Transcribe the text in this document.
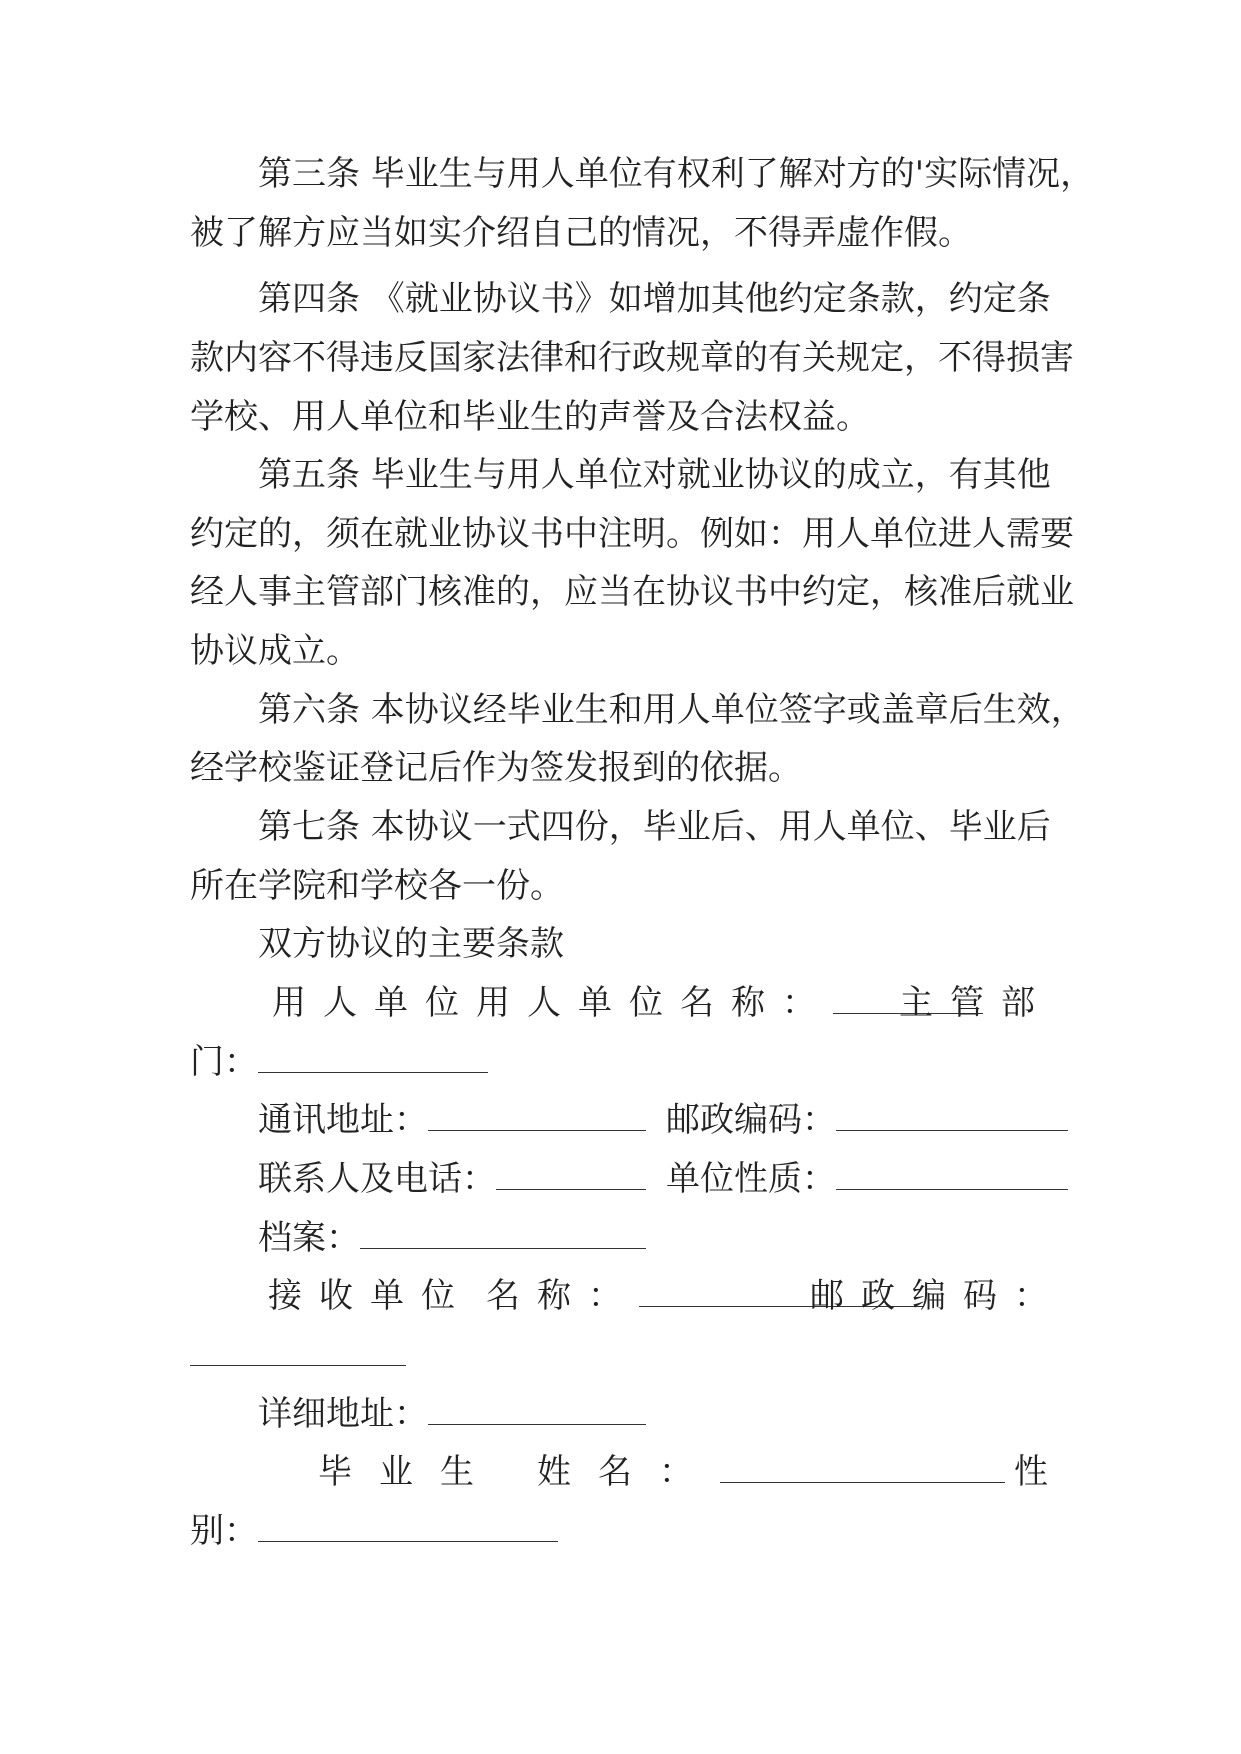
第三条 毕业生与用人单位有权利了解对方的'实际情况，
被了解方应当如实介绍自己的情况，不得弄虚作假。
第四条 《就业协议书》如增加其他约定条款，约定条
款内容不得违反国家法律和行政规章的有关规定，不得损害
学校、用人单位和毕业生的声誉及合法权益。
第五条 毕业生与用人单位对就业协议的成立，有其他
约定的，须在就业协议书中注明。例如：用人单位进人需要
经人事主管部门核准的，应当在协议书中约定，核准后就业
协议成立。
第六条 本协议经毕业生和用人单位签字或盖章后生效，
经学校鉴证登记后作为签发报到的依据。
第七条 本协议一式四份，毕业后、用人单位、毕业后
所在学院和学校各一份。
双方协议的主要条款
用人单位用人单位名称： 主管部
门：
通讯地址：	邮政编码：
联系人及电话：	单位性质：
档案：
接收单位 名称：	邮政编码：
详细地址：
毕业生 姓名：	性
别：
